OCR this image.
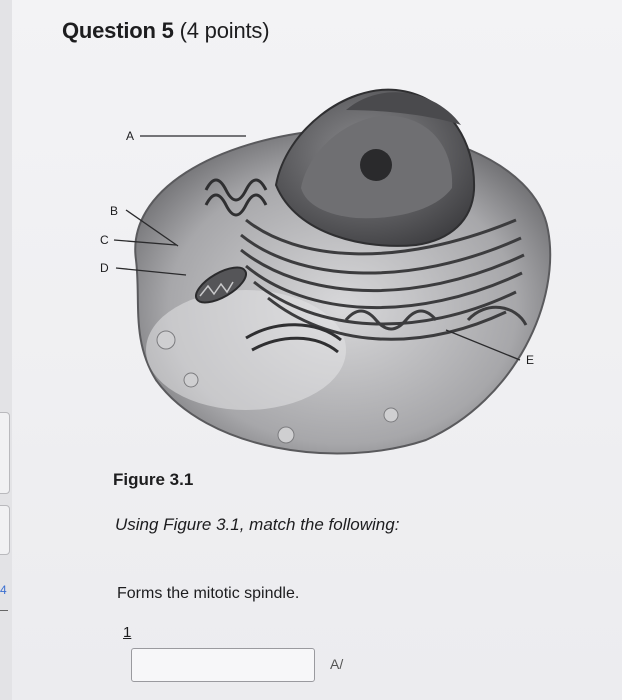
4
Question 5 (4 points)
A
B
C
D
E
Figure 3.1
Using Figure 3.1, match the following:
Forms the mitotic spindle.
1
A/
